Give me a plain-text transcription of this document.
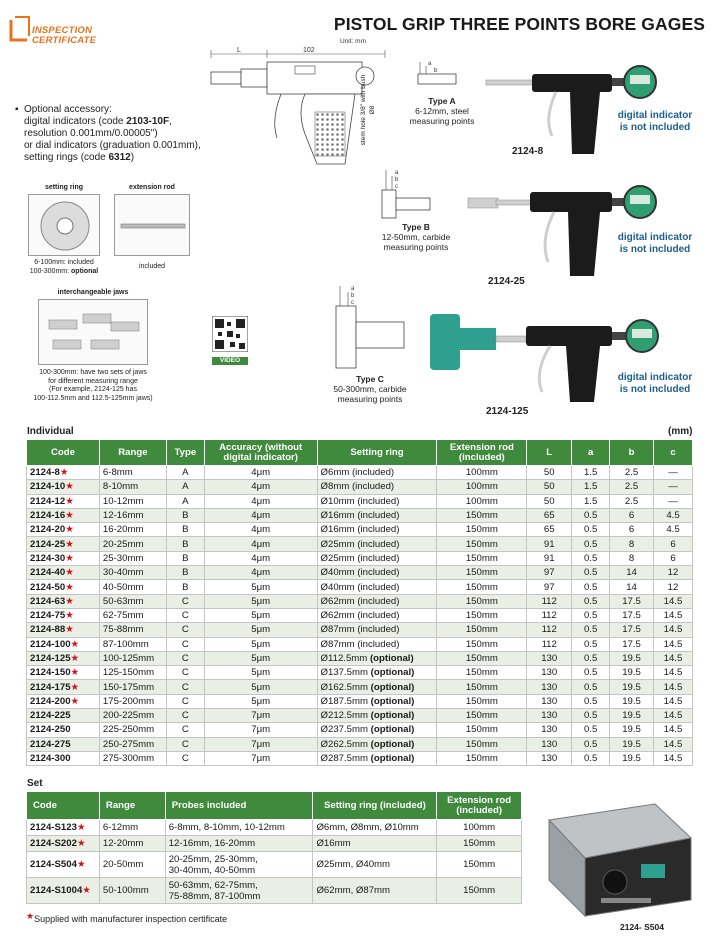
INSPECTION
CERTIFICATE
PISTOL GRIP THREE POINTS BORE GAGES
Unit: mm
L	102
stem hole 3/8" with bush Ø8
▪ Optional accessory:
digital indicators (code 2103-10F,
resolution 0.001mm/0.00005")
or dial indicators (graduation 0.001mm),
setting rings (code 6312)
setting ring
6-100mm: included
100-300mm: optional
extension rod
included
interchangeable jaws
100-300mm: have two sets of jaws
for different measuring range
(For example, 2124-125 has
100-112.5mm and 112.5-125mm jaws)
VIDEO
a
b
Type A
6-12mm, steel
measuring points
a
b
c
Type B
12-50mm, carbide
measuring points
a
b
c
Type C
50-300mm, carbide
measuring points
2124-8
digital indicator
is not included
2124-25
digital indicator
is not included
2124-125
digital indicator
is not included
Individual	(mm)
Code	Range	Type	Accuracy (without digital indicator)	Setting ring	Extension rod (included)	L	a	b	c
2124-8★	6-8mm	A	4μm	Ø6mm (included)	100mm	50	1.5	2.5	—
2124-10★	8-10mm	A	4μm	Ø8mm (included)	100mm	50	1.5	2.5	—
2124-12★	10-12mm	A	4μm	Ø10mm (included)	100mm	50	1.5	2.5	—
2124-16★	12-16mm	B	4μm	Ø16mm (included)	150mm	65	0.5	6	4.5
2124-20★	16-20mm	B	4μm	Ø16mm (included)	150mm	65	0.5	6	4.5
2124-25★	20-25mm	B	4μm	Ø25mm (included)	150mm	91	0.5	8	6
2124-30★	25-30mm	B	4μm	Ø25mm (included)	150mm	91	0.5	8	6
2124-40★	30-40mm	B	4μm	Ø40mm (included)	150mm	97	0.5	14	12
2124-50★	40-50mm	B	5μm	Ø40mm (included)	150mm	97	0.5	14	12
2124-63★	50-63mm	C	5μm	Ø62mm (included)	150mm	112	0.5	17.5	14.5
2124-75★	62-75mm	C	5μm	Ø62mm (included)	150mm	112	0.5	17.5	14.5
2124-88★	75-88mm	C	5μm	Ø87mm (included)	150mm	112	0.5	17.5	14.5
2124-100★	87-100mm	C	5μm	Ø87mm (included)	150mm	112	0.5	17.5	14.5
2124-125★	100-125mm	C	5μm	Ø112.5mm (optional)	150mm	130	0.5	19.5	14.5
2124-150★	125-150mm	C	5μm	Ø137.5mm (optional)	150mm	130	0.5	19.5	14.5
2124-175★	150-175mm	C	5μm	Ø162.5mm (optional)	150mm	130	0.5	19.5	14.5
2124-200★	175-200mm	C	5μm	Ø187.5mm (optional)	150mm	130	0.5	19.5	14.5
2124-225	200-225mm	C	7μm	Ø212.5mm (optional)	150mm	130	0.5	19.5	14.5
2124-250	225-250mm	C	7μm	Ø237.5mm (optional)	150mm	130	0.5	19.5	14.5
2124-275	250-275mm	C	7μm	Ø262.5mm (optional)	150mm	130	0.5	19.5	14.5
2124-300	275-300mm	C	7μm	Ø287.5mm (optional)	150mm	130	0.5	19.5	14.5
Set
Code	Range	Probes included	Setting ring (included)	Extension rod (included)
2124-S123★	6-12mm	6-8mm, 8-10mm, 10-12mm	Ø6mm, Ø8mm, Ø10mm	100mm
2124-S202★	12-20mm	12-16mm, 16-20mm	Ø16mm	150mm
2124-S504★	20-50mm	20-25mm, 25-30mm,
30-40mm, 40-50mm	Ø25mm, Ø40mm	150mm
2124-S1004★	50-100mm	50-63mm, 62-75mm,
75-88mm, 87-100mm	Ø62mm, Ø87mm	150mm
2124- S504
★Supplied with manufacturer inspection certificate
